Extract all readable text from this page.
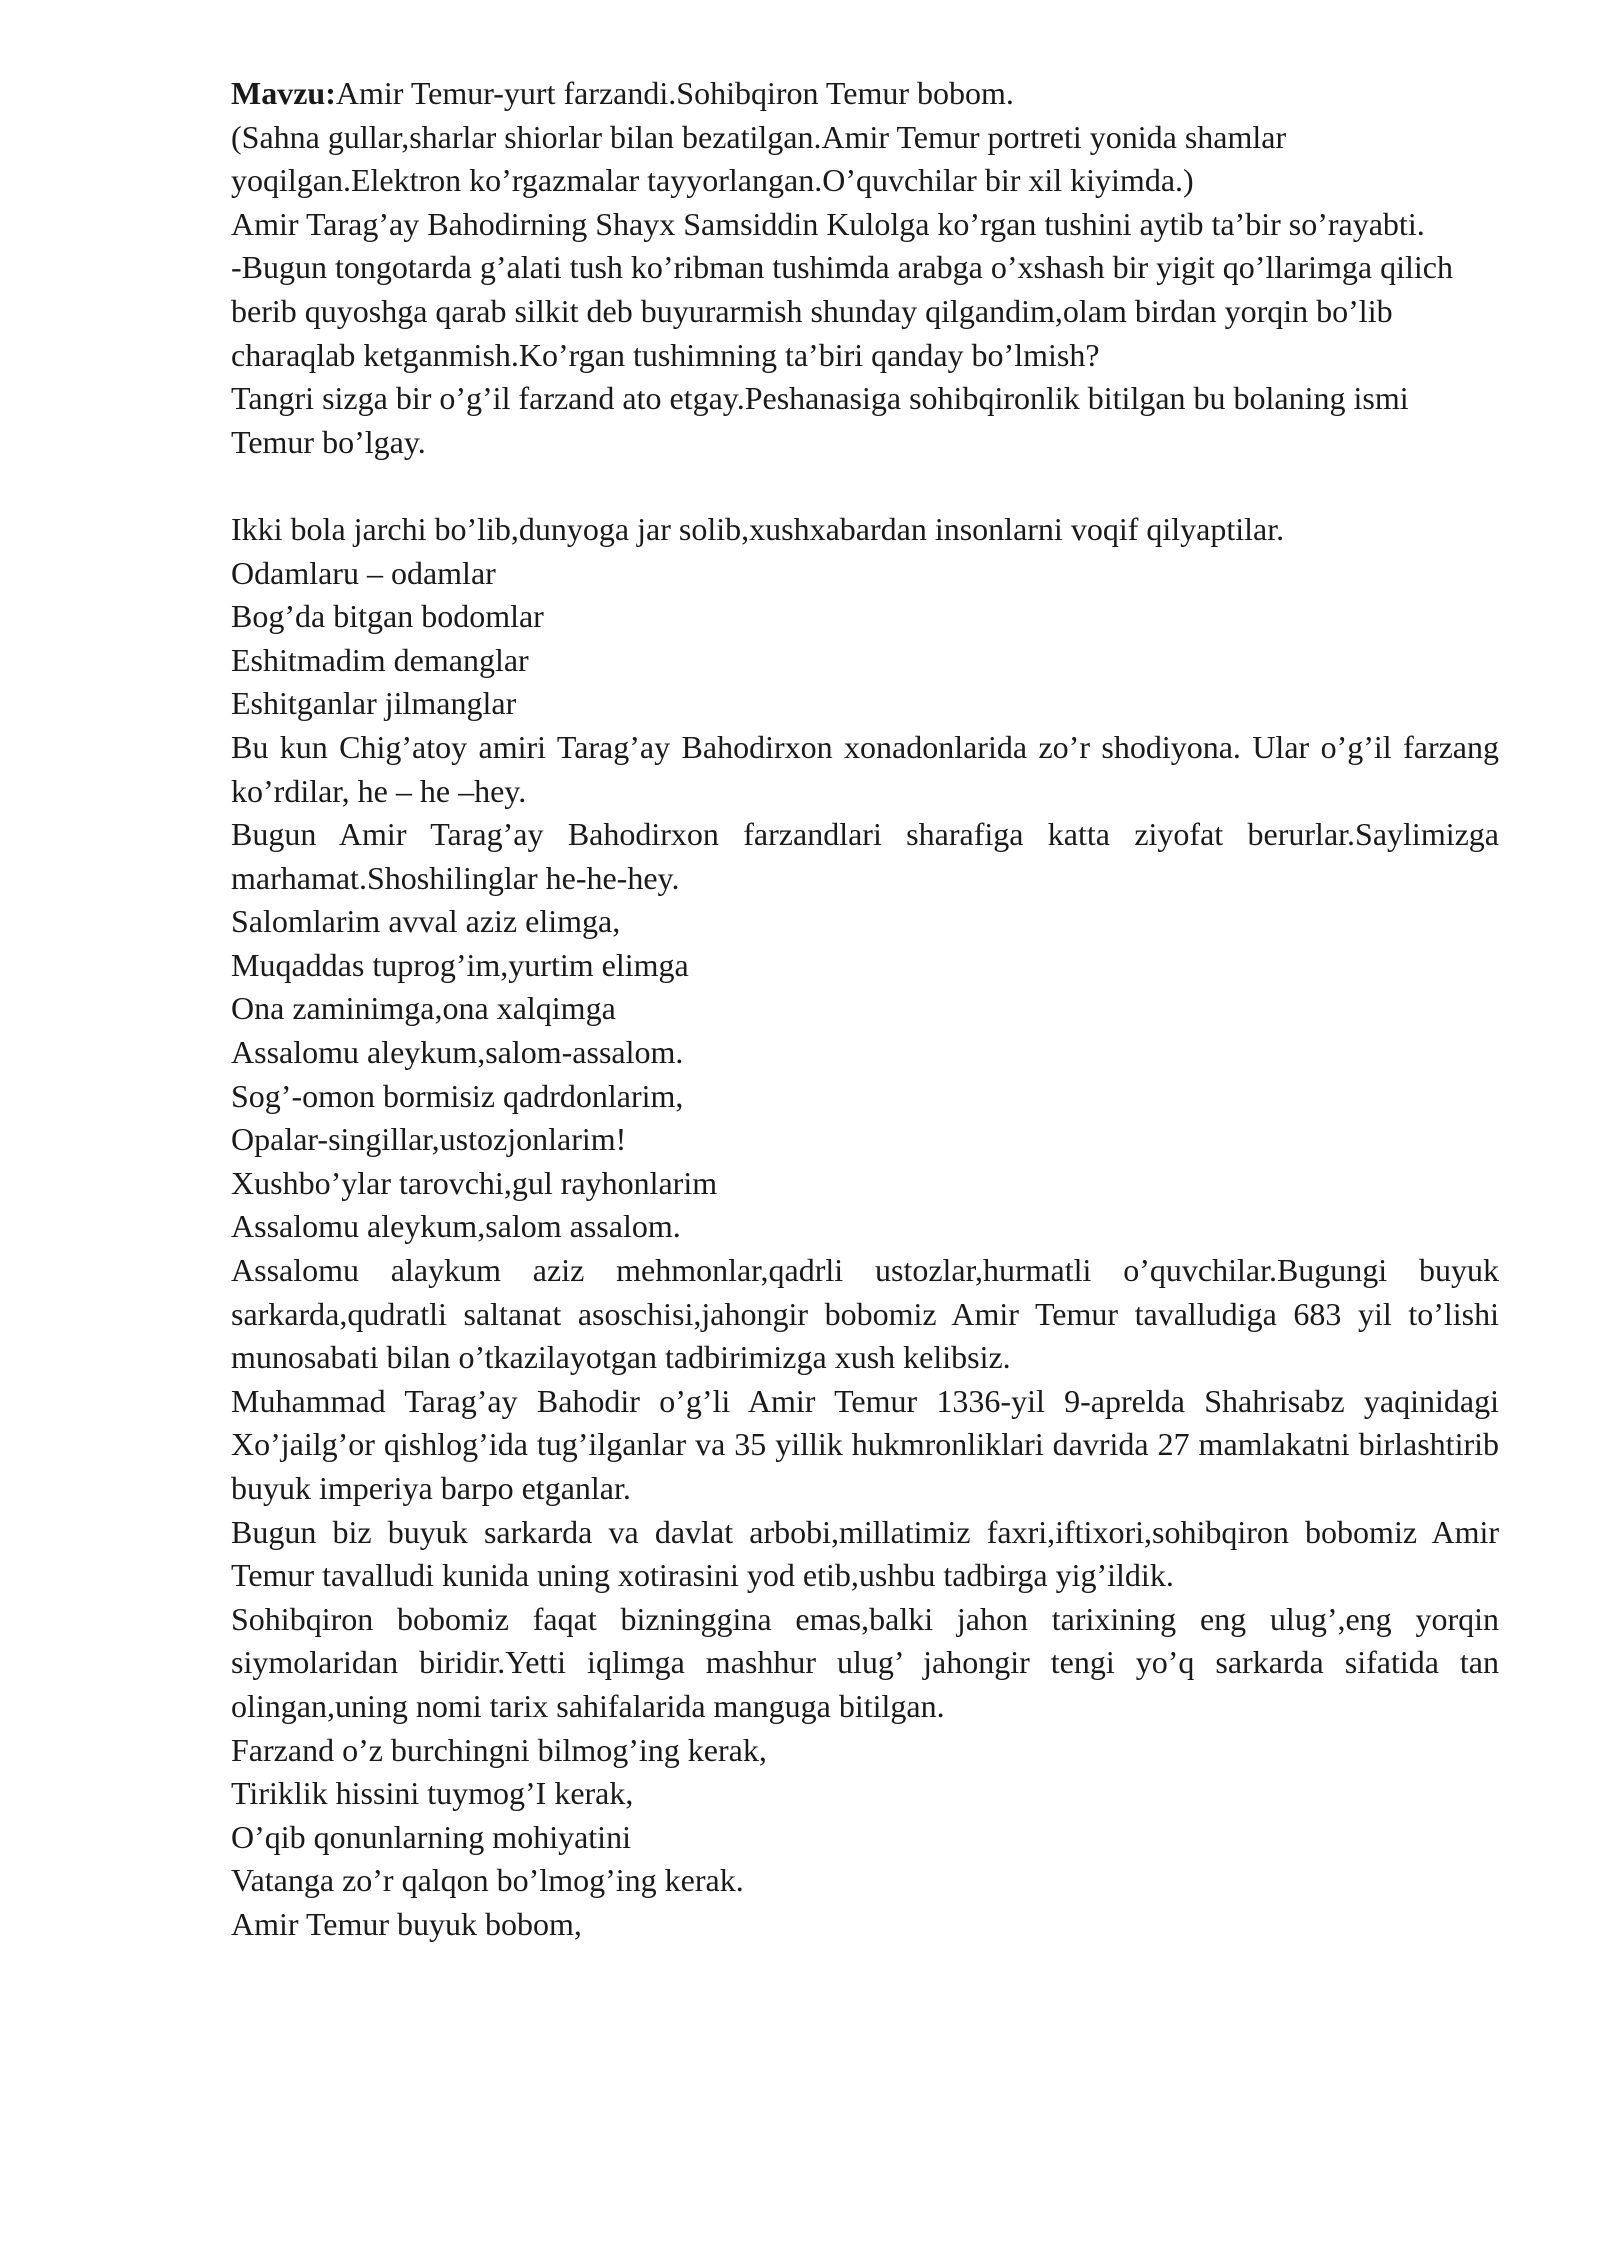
Mavzu:Amir Temur-yurt farzandi.Sohibqiron Temur bobom.

(Sahna gullar,sharlar shiorlar bilan bezatilgan.Amir Temur portreti yonida shamlar yoqilgan.Elektron ko’rgazmalar tayyorlangan.O’quvchilar bir xil kiyimda.)

Amir Tarag’ay Bahodirning Shayx Samsiddin Kulolga ko’rgan tushini aytib ta’bir so’rayabti.

-Bugun tongotarda g’alati tush ko’ribman tushimda arabga o’xshash bir yigit qo’llarimga qilich berib quyoshga qarab silkit deb buyurarmish shunday qilgandim,olam birdan yorqin bo’lib charaqlab ketganmish.Ko’rgan tushimning ta’biri qanday bo’lmish?

Tangri sizga bir o’g’il farzand ato etgay.Peshanasiga sohibqironlik bitilgan bu bolaning ismi Temur bo’lgay.

Ikki bola jarchi bo’lib,dunyoga jar solib,xushxabardan insonlarni voqif qilyaptilar.

Odamlaru – odamlar

Bog’da bitgan bodomlar

Eshitmadim demanglar

Eshitganlar jilmanglar

Bu kun Chig’atoy amiri Tarag’ay Bahodirxon xonadonlarida zo’r shodiyona. Ular o’g’il farzang ko’rdilar, he – he –hey.

Bugun Amir Tarag’ay Bahodirxon farzandlari sharafiga katta ziyofat berurlar.Saylimizga marhamat.Shoshilinglar he-he-hey.

Salomlarim avval aziz elimga,

Muqaddas tuprog’im,yurtim elimga

Ona zaminimga,ona xalqimga

Assalomu aleykum,salom-assalom.

Sog’-omon bormisiz qadrdonlarim,

Opalar-singillar,ustozjonlarim!

Xushbo’ylar tarovchi,gul rayhonlarim

Assalomu aleykum,salom assalom.

Assalomu alaykum aziz mehmonlar,qadrli ustozlar,hurmatli o’quvchilar.Bugungi buyuk sarkarda,qudratli saltanat asoschisi,jahongir bobomiz Amir Temur tavalludiga 683 yil to’lishi munosabati bilan o’tkazilayotgan tadbirimizga xush kelibsiz.

Muhammad Tarag’ay Bahodir o’g’li Amir Temur 1336-yil 9-aprelda Shahrisabz yaqinidagi Xo’jailg’or qishlog’ida tug’ilganlar va 35 yillik hukmronliklari davrida 27 mamlakatni birlashtirib buyuk imperiya barpo etganlar.

Bugun biz buyuk sarkarda va davlat arbobi,millatimiz faxri,iftixori,sohibqiron bobomiz Amir Temur tavalludi kunida uning xotirasini yod etib,ushbu tadbirga yig’ildik.

Sohibqiron bobomiz faqat bizninggina emas,balki jahon tarixining eng ulug’,eng yorqin siymolaridan biridir.Yetti iqlimga mashhur ulug’ jahongir tengi yo’q sarkarda sifatida tan olingan,uning nomi tarix sahifalarida manguga bitilgan.

Farzand o’z burchingni bilmog’ing kerak,

Tiriklik hissini tuymog’I kerak,

O’qib qonunlarning mohiyatini

Vatanga zo’r qalqon bo’lmog’ing kerak.

Amir Temur buyuk bobom,
